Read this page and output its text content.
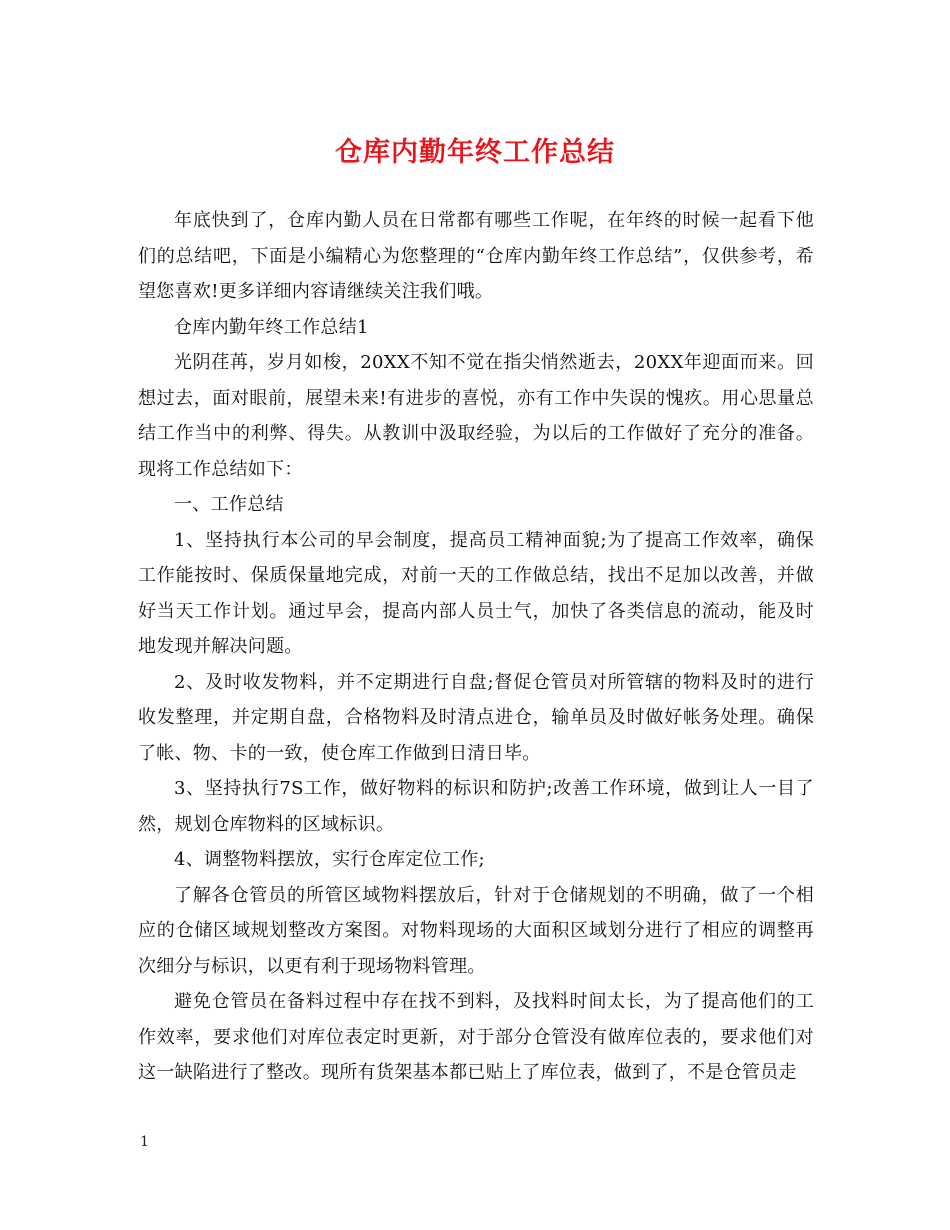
仓库内勤年终工作总结

年底快到了，仓库内勤人员在日常都有哪些工作呢，在年终的时候一起看下他们的总结吧，下面是小编精心为您整理的“仓库内勤年终工作总结”，仅供参考，希望您喜欢!更多详细内容请继续关注我们哦。

仓库内勤年终工作总结1

光阴荏苒，岁月如梭，20XX不知不觉在指尖悄然逝去，20XX年迎面而来。回想过去，面对眼前，展望未来!有进步的喜悦，亦有工作中失误的愧疚。用心思量总结工作当中的利弊、得失。从教训中汲取经验，为以后的工作做好了充分的准备。现将工作总结如下：

一、工作总结

1、坚持执行本公司的早会制度，提高员工精神面貌;为了提高工作效率，确保工作能按时、保质保量地完成，对前一天的工作做总结，找出不足加以改善，并做好当天工作计划。通过早会，提高内部人员士气，加快了各类信息的流动，能及时地发现并解决问题。

2、及时收发物料，并不定期进行自盘;督促仓管员对所管辖的物料及时的进行收发整理，并定期自盘，合格物料及时清点进仓，输单员及时做好帐务处理。确保了帐、物、卡的一致，使仓库工作做到日清日毕。

3、坚持执行7S工作，做好物料的标识和防护;改善工作环境，做到让人一目了然，规划仓库物料的区域标识。

4、调整物料摆放，实行仓库定位工作;

了解各仓管员的所管区域物料摆放后，针对于仓储规划的不明确，做了一个相应的仓储区域规划整改方案图。对物料现场的大面积区域划分进行了相应的调整再次细分与标识，以更有利于现场物料管理。

避免仓管员在备料过程中存在找不到料，及找料时间太长，为了提高他们的工作效率，要求他们对库位表定时更新，对于部分仓管没有做库位表的，要求他们对这一缺陷进行了整改。现所有货架基本都已贴上了库位表，做到了，不是仓管员走

1
